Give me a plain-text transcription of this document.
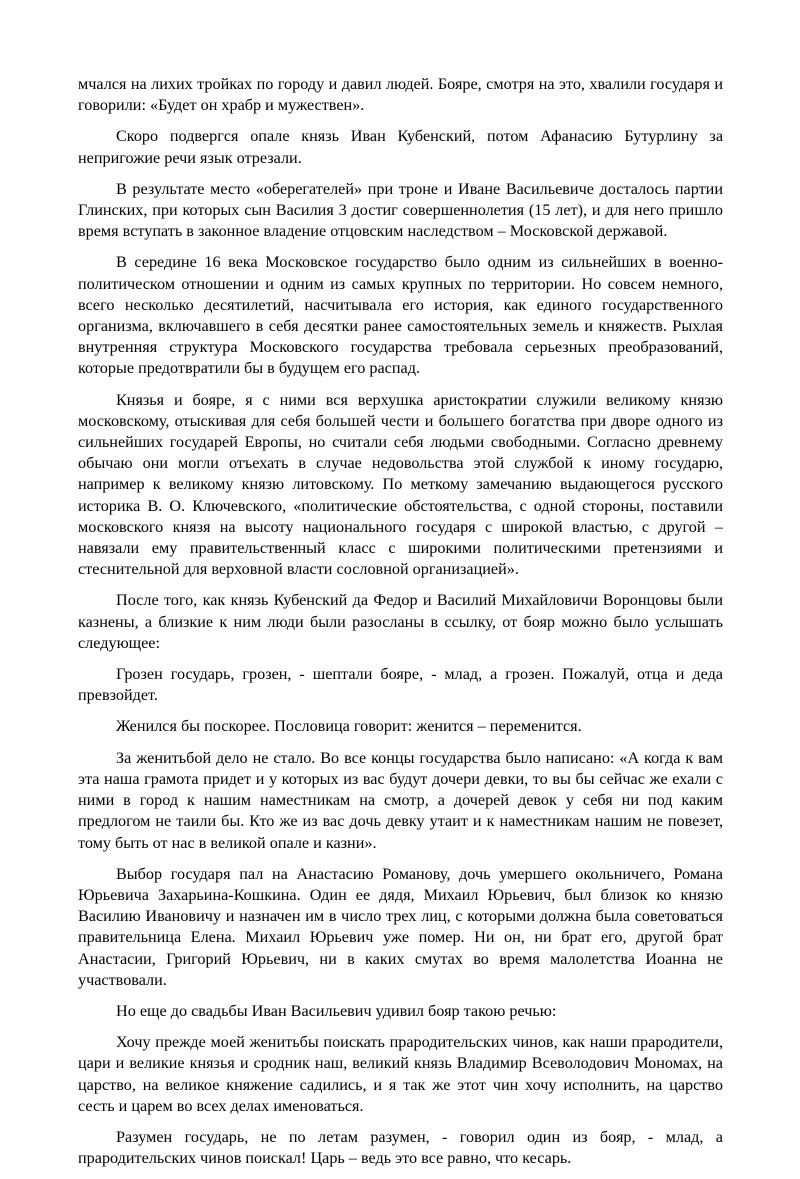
мчался на лихих тройках по городу и давил людей. Бояре, смотря на это, хвалили государя и говорили: «Будет он храбр и мужествен».

Скоро подвергся опале князь Иван Кубенский, потом Афанасию Бутурлину за непригожие речи язык отрезали.

В результате место «оберегателей» при троне и Иване Васильевиче досталось партии Глинских, при которых сын Василия 3 достиг совершеннолетия (15 лет), и для него пришло время вступать в законное владение отцовским наследством – Московской державой.

В середине 16 века Московское государство было одним из сильнейших в военно-политическом отношении и одним из самых крупных по территории. Но совсем немного, всего несколько десятилетий, насчитывала его история, как единого государственного организма, включавшего в себя десятки ранее самостоятельных земель и княжеств. Рыхлая внутренняя структура Московского государства требовала серьезных преобразований, которые предотвратили бы в будущем его распад.

Князья и бояре, я с ними вся верхушка аристократии служили великому князю московскому, отыскивая для себя большей чести и большего богатства при дворе одного из сильнейших государей Европы, но считали себя людьми свободными. Согласно древнему обычаю они могли отъехать в случае недовольства этой службой к иному государю, например к великому князю литовскому. По меткому замечанию выдающегося русского историка В. О. Ключевского, «политические обстоятельства, с одной стороны, поставили московского князя на высоту национального государя с широкой властью, с другой – навязали ему правительственный класс с широкими политическими претензиями и стеснительной для верховной власти сословной организацией».

После того, как князь Кубенский да Федор и Василий Михайловичи Воронцовы были казнены, а близкие к ним люди были разосланы в ссылку, от бояр можно было услышать следующее:

Грозен государь, грозен, - шептали бояре, - млад, а грозен. Пожалуй, отца и деда превзойдет.

Женился бы поскорее. Пословица говорит: женится – переменится.

За женитьбой дело не стало. Во все концы государства было написано: «А когда к вам эта наша грамота придет и у которых из вас будут дочери девки, то вы бы сейчас же ехали с ними в город к нашим наместникам на смотр, а дочерей девок у себя ни под каким предлогом не таили бы. Кто же из вас дочь девку утаит и к наместникам нашим не повезет, тому быть от нас в великой опале и казни».

Выбор государя пал на Анастасию Романову, дочь умершего окольничего, Романа Юрьевича Захарьина-Кошкина. Один ее дядя, Михаил Юрьевич, был близок ко князю Василию Ивановичу и назначен им в число трех лиц, с которыми должна была советоваться правительница Елена. Михаил Юрьевич уже помер. Ни он, ни брат его, другой брат Анастасии, Григорий Юрьевич, ни в каких смутах во время малолетства Иоанна не участвовали.

Но еще до свадьбы Иван Васильевич удивил бояр такою речью:

Хочу прежде моей женитьбы поискать прародительских чинов, как наши прародители, цари и великие князья и сродник наш, великий князь Владимир Всеволодович Мономах, на царство, на великое княжение садились, и я так же этот чин хочу исполнить, на царство сесть и царем во всех делах именоваться.

Разумен государь, не по летам разумен, - говорил один из бояр, - млад, а прародительских чинов поискал! Царь – ведь это все равно, что кесарь.
